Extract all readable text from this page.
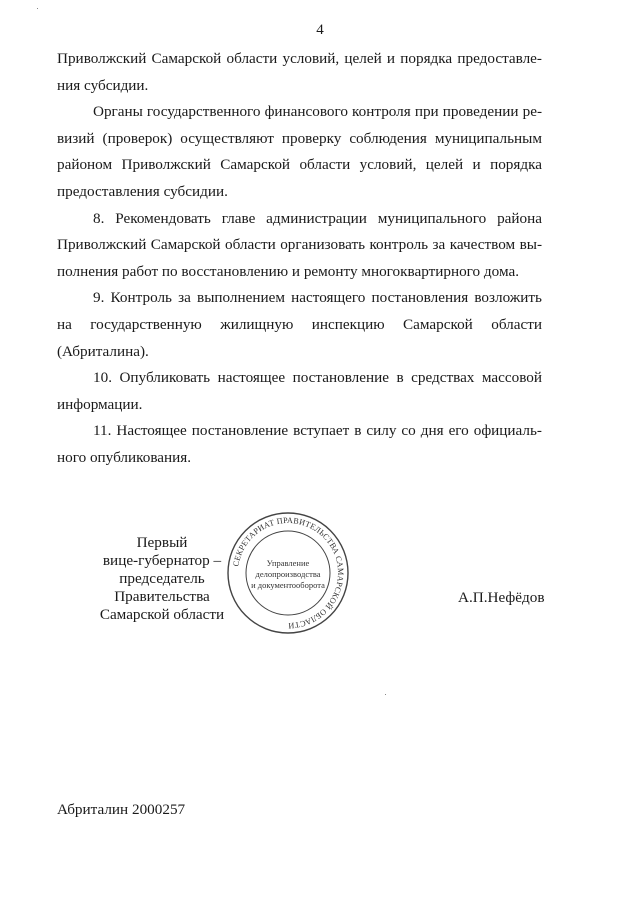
4

Приволжский Самарской области условий, целей и порядка предоставле-ния субсидии.

Органы государственного финансового контроля при проведении ре-визий (проверок) осуществляют проверку соблюдения муниципальным районом Приволжский Самарской области условий, целей и порядка предоставления субсидии.

8. Рекомендовать главе администрации муниципального района Приволжский Самарской области организовать контроль за качеством вы-полнения работ по восстановлению и ремонту многоквартирного дома.

9. Контроль за выполнением настоящего постановления возложить на государственную жилищную инспекцию Самарской области (Абриталина).

10. Опубликовать настоящее постановление в средствах массовой информации.

11. Настоящее постановление вступает в силу со дня его официаль-ного опубликования.

Первый
вице-губернатор –
председатель Правительства
Самарской области
СЕКРЕТАРИАТ ПРАВИТЕЛЬСТВА САМАРСКОЙ ОБЛАСТИ
Управление
делопроизводства
и документооборота
А.П.Нефёдов
Абриталин 2000257
